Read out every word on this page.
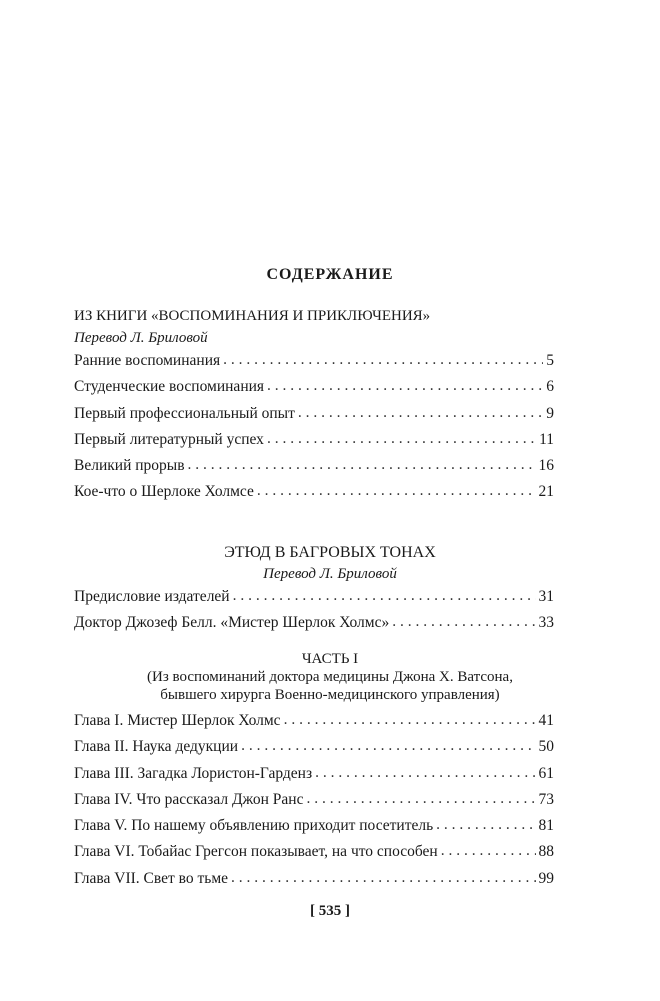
СОДЕРЖАНИЕ
ИЗ КНИГИ «ВОСПОМИНАНИЯ И ПРИКЛЮЧЕНИЯ»
Перевод Л. Бриловой
Ранние воспоминания . . .	5
Студенческие воспоминания . . .	6
Первый профессиональный опыт . . .	9
Первый литературный успех . . .	11
Великий прорыв . . .	16
Кое-что о Шерлоке Холмсе . . .	21
ЭТЮД В БАГРОВЫХ ТОНАХ
Перевод Л. Бриловой
Предисловие издателей . . .	31
Доктор Джозеф Белл. «Мистер Шерлок Холмс» . . .	33
ЧАСТЬ I
(Из воспоминаний доктора медицины Джона Х. Ватсона,
бывшего хирурга Военно-медицинского управления)
Глава I. Мистер Шерлок Холмс . . .	41
Глава II. Наука дедукции . . .	50
Глава III. Загадка Лористон-Гарденз . . .	61
Глава IV. Что рассказал Джон Ранс . . .	73
Глава V. По нашему объявлению приходит посетитель . . .	81
Глава VI. Тобайас Грегсон показывает, на что способен . . .	88
Глава VII. Свет во тьме . . .	99
[ 535 ]
